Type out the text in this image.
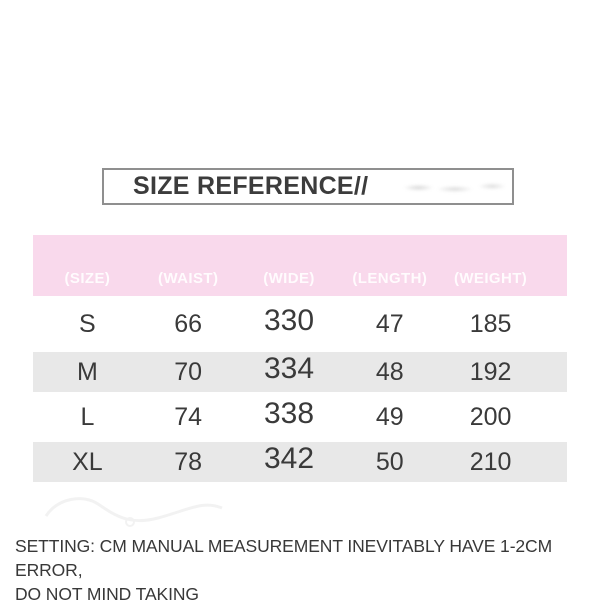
SIZE REFERENCE//
(SIZE)	(WAIST)	(WIDE)	(LENGTH)	(WEIGHT)
S	66	330	47	185
M	70	334	48	192
L	74	338	49	200
XL	78	342	50	210
SETTING: CM MANUAL MEASUREMENT INEVITABLY HAVE 1-2CM ERROR,
DO NOT MIND TAKING
